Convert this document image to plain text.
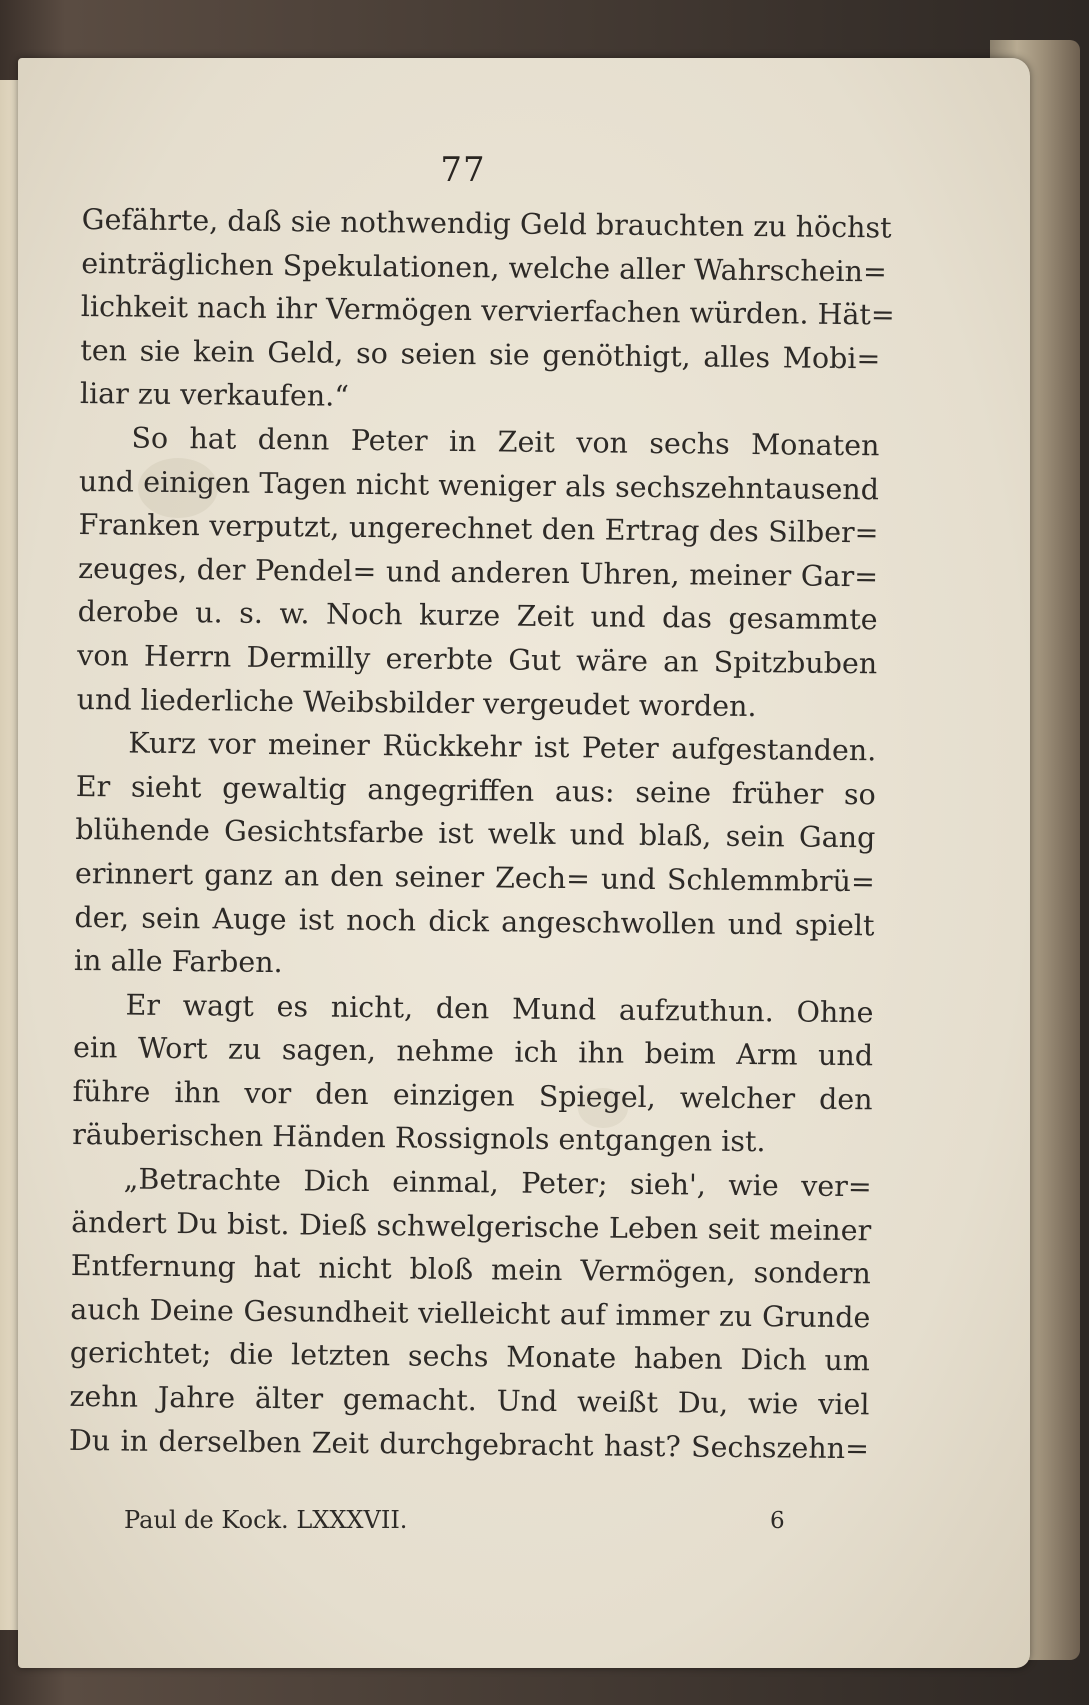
77
Gefährte, daß sie nothwendig Geld brauchten zu höchst
einträglichen Spekulationen, welche aller Wahrschein=
lichkeit nach ihr Vermögen vervierfachen würden. Hät=
ten sie kein Geld, so seien sie genöthigt, alles Mobi=
liar zu verkaufen.“
So hat denn Peter in Zeit von sechs Monaten
und einigen Tagen nicht weniger als sechszehntausend
Franken verputzt, ungerechnet den Ertrag des Silber=
zeuges, der Pendel= und anderen Uhren, meiner Gar=
derobe u. s. w. Noch kurze Zeit und das gesammte
von Herrn Dermilly ererbte Gut wäre an Spitzbuben
und liederliche Weibsbilder vergeudet worden.
Kurz vor meiner Rückkehr ist Peter aufgestanden.
Er sieht gewaltig angegriffen aus: seine früher so
blühende Gesichtsfarbe ist welk und blaß, sein Gang
erinnert ganz an den seiner Zech= und Schlemmbrü=
der, sein Auge ist noch dick angeschwollen und spielt
in alle Farben.
Er wagt es nicht, den Mund aufzuthun. Ohne
ein Wort zu sagen, nehme ich ihn beim Arm und
führe ihn vor den einzigen Spiegel, welcher den
räuberischen Händen Rossignols entgangen ist.
„Betrachte Dich einmal, Peter; sieh', wie ver=
ändert Du bist. Dieß schwelgerische Leben seit meiner
Entfernung hat nicht bloß mein Vermögen, sondern
auch Deine Gesundheit vielleicht auf immer zu Grunde
gerichtet; die letzten sechs Monate haben Dich um
zehn Jahre älter gemacht. Und weißt Du, wie viel
Du in derselben Zeit durchgebracht hast? Sechszehn=
Paul de Kock. LXXXVII.	6
